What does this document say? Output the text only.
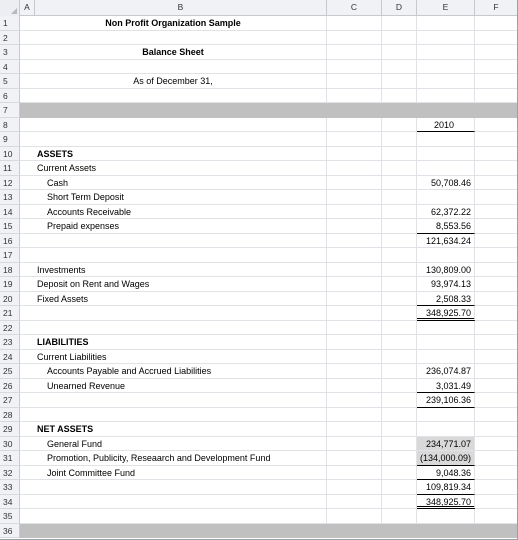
A	B	C	D	E	F
1	Non Profit Organization Sample
2
3	Balance Sheet
4
5	As of December 31,
6
7
8	2010
9
10	ASSETS
11	Current Assets
12	Cash	50,708.46
13	Short Term Deposit
14	Accounts Receivable	62,372.22
15	Prepaid expenses	8,553.56
16	121,634.24
17
18	Investments	130,809.00
19	Deposit on Rent and Wages	93,974.13
20	Fixed Assets	2,508.33
21	348,925.70
22
23	LIABILITIES
24	Current Liabilities
25	Accounts Payable and Accrued Liabilities	236,074.87
26	Unearned Revenue	3,031.49
27	239,106.36
28
29	NET ASSETS
30	General Fund	234,771.07
31	Promotion, Publicity, Reseaarch and Development Fund	(134,000.09)
32	Joint Committee Fund	9,048.36
33	109,819.34
34	348,925.70
35
36
